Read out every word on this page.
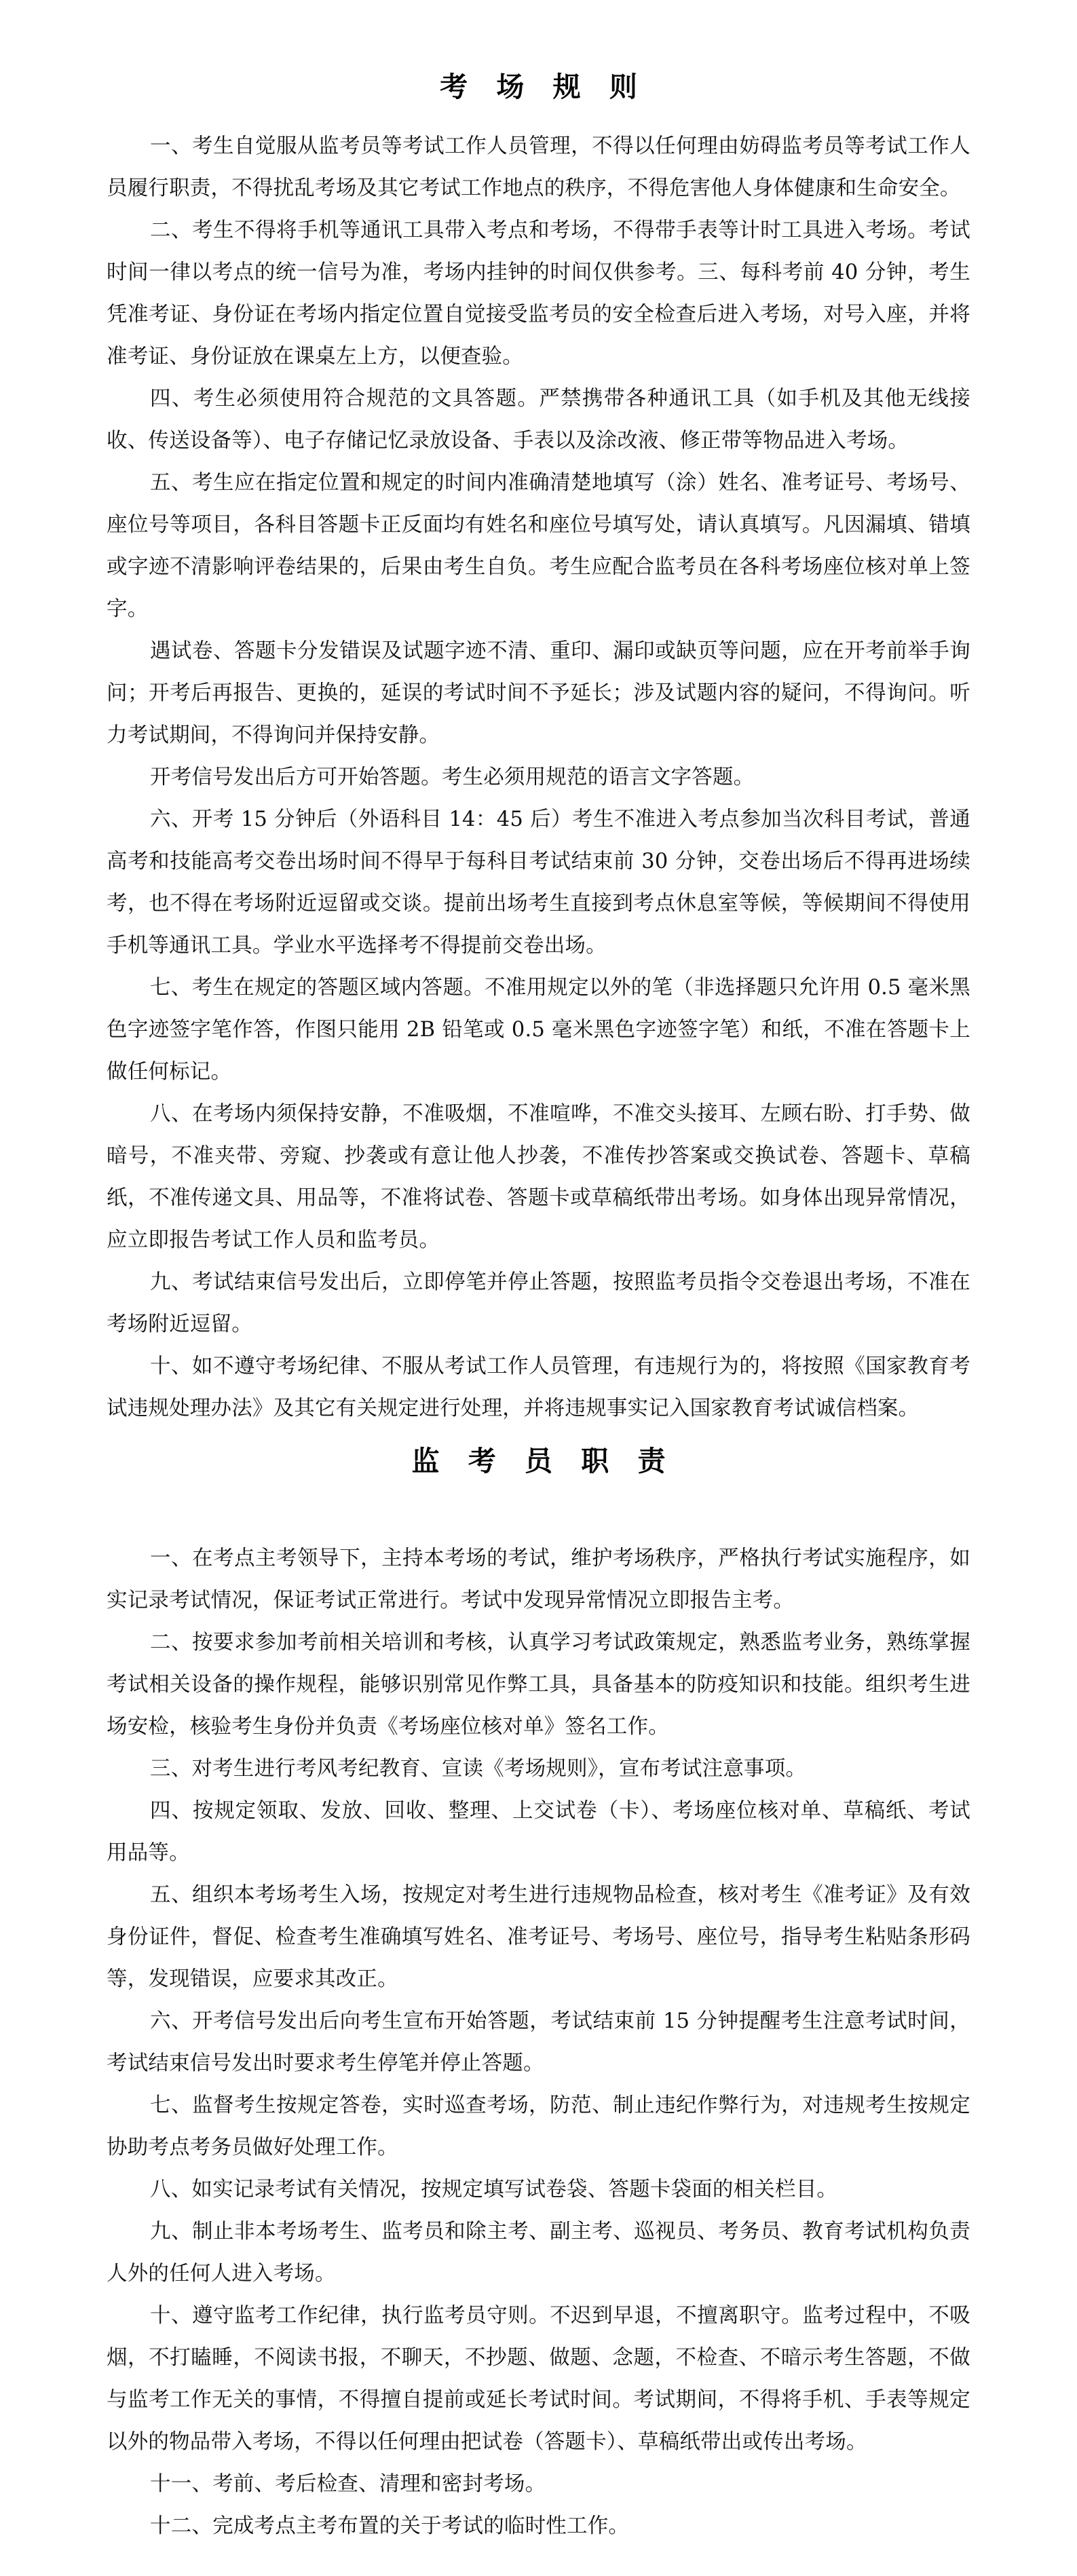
考 场 规 则

一、考生自觉服从监考员等考试工作人员管理，不得以任何理由妨碍监考员等考试工作人员履行职责，不得扰乱考场及其它考试工作地点的秩序，不得危害他人身体健康和生命安全。

二、考生不得将手机等通讯工具带入考点和考场，不得带手表等计时工具进入考场。考试时间一律以考点的统一信号为准，考场内挂钟的时间仅供参考。三、每科考前 40 分钟，考生凭准考证、身份证在考场内指定位置自觉接受监考员的安全检查后进入考场，对号入座，并将准考证、身份证放在课桌左上方，以便查验。

四、考生必须使用符合规范的文具答题。严禁携带各种通讯工具（如手机及其他无线接收、传送设备等）、电子存储记忆录放设备、手表以及涂改液、修正带等物品进入考场。

五、考生应在指定位置和规定的时间内准确清楚地填写（涂）姓名、准考证号、考场号、座位号等项目，各科目答题卡正反面均有姓名和座位号填写处，请认真填写。凡因漏填、错填或字迹不清影响评卷结果的，后果由考生自负。考生应配合监考员在各科考场座位核对单上签字。

遇试卷、答题卡分发错误及试题字迹不清、重印、漏印或缺页等问题，应在开考前举手询问；开考后再报告、更换的，延误的考试时间不予延长；涉及试题内容的疑问，不得询问。听力考试期间，不得询问并保持安静。

开考信号发出后方可开始答题。考生必须用规范的语言文字答题。

六、开考 15 分钟后（外语科目 14：45 后）考生不准进入考点参加当次科目考试，普通高考和技能高考交卷出场时间不得早于每科目考试结束前 30 分钟，交卷出场后不得再进场续考，也不得在考场附近逗留或交谈。提前出场考生直接到考点休息室等候，等候期间不得使用手机等通讯工具。学业水平选择考不得提前交卷出场。

七、考生在规定的答题区域内答题。不准用规定以外的笔（非选择题只允许用 0.5 毫米黑色字迹签字笔作答，作图只能用 2B 铅笔或 0.5 毫米黑色字迹签字笔）和纸，不准在答题卡上做任何标记。

八、在考场内须保持安静，不准吸烟，不准喧哗，不准交头接耳、左顾右盼、打手势、做暗号，不准夹带、旁窥、抄袭或有意让他人抄袭，不准传抄答案或交换试卷、答题卡、草稿纸，不准传递文具、用品等，不准将试卷、答题卡或草稿纸带出考场。如身体出现异常情况，应立即报告考试工作人员和监考员。

九、考试结束信号发出后，立即停笔并停止答题，按照监考员指令交卷退出考场，不准在考场附近逗留。

十、如不遵守考场纪律、不服从考试工作人员管理，有违规行为的，将按照《国家教育考试违规处理办法》及其它有关规定进行处理，并将违规事实记入国家教育考试诚信档案。

监 考 员 职 责

一、在考点主考领导下，主持本考场的考试，维护考场秩序，严格执行考试实施程序，如实记录考试情况，保证考试正常进行。考试中发现异常情况立即报告主考。

二、按要求参加考前相关培训和考核，认真学习考试政策规定，熟悉监考业务，熟练掌握考试相关设备的操作规程，能够识别常见作弊工具，具备基本的防疫知识和技能。组织考生进场安检，核验考生身份并负责《考场座位核对单》签名工作。

三、对考生进行考风考纪教育、宣读《考场规则》，宣布考试注意事项。

四、按规定领取、发放、回收、整理、上交试卷（卡）、考场座位核对单、草稿纸、考试用品等。

五、组织本考场考生入场，按规定对考生进行违规物品检查，核对考生《准考证》及有效身份证件，督促、检查考生准确填写姓名、准考证号、考场号、座位号，指导考生粘贴条形码等，发现错误，应要求其改正。

六、开考信号发出后向考生宣布开始答题，考试结束前 15 分钟提醒考生注意考试时间，考试结束信号发出时要求考生停笔并停止答题。

七、监督考生按规定答卷，实时巡查考场，防范、制止违纪作弊行为，对违规考生按规定协助考点考务员做好处理工作。

八、如实记录考试有关情况，按规定填写试卷袋、答题卡袋面的相关栏目。

九、制止非本考场考生、监考员和除主考、副主考、巡视员、考务员、教育考试机构负责人外的任何人进入考场。

十、遵守监考工作纪律，执行监考员守则。不迟到早退，不擅离职守。监考过程中，不吸烟，不打瞌睡，不阅读书报，不聊天，不抄题、做题、念题，不检查、不暗示考生答题，不做与监考工作无关的事情，不得擅自提前或延长考试时间。考试期间，不得将手机、手表等规定以外的物品带入考场，不得以任何理由把试卷（答题卡）、草稿纸带出或传出考场。

十一、考前、考后检查、清理和密封考场。

十二、完成考点主考布置的关于考试的临时性工作。
